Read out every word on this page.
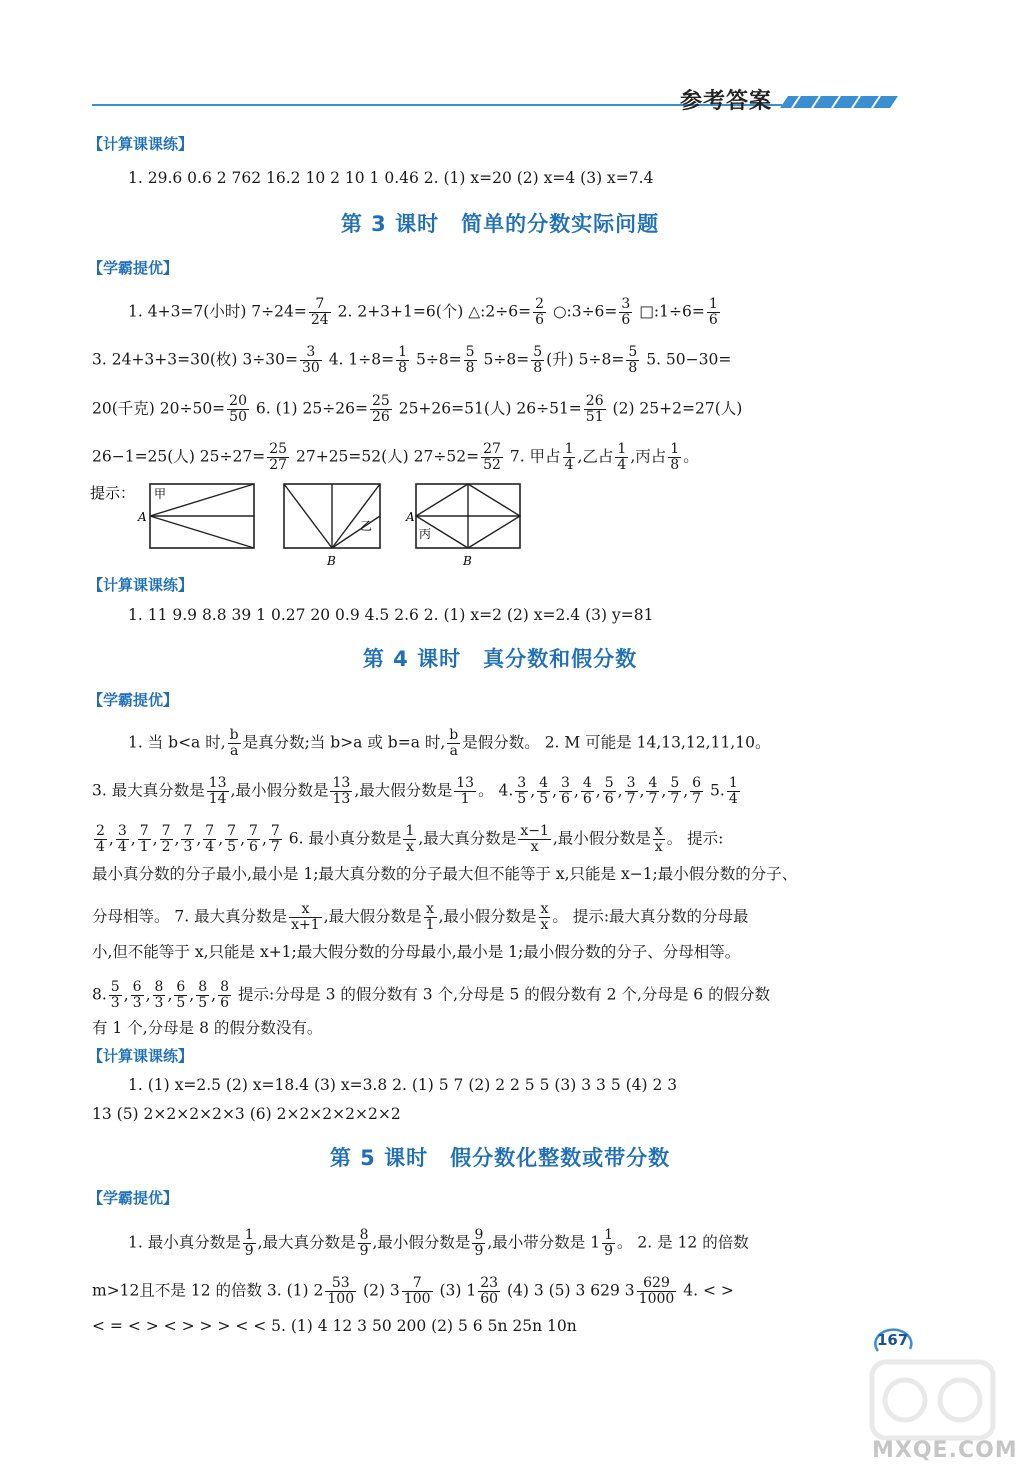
参考答案
【计算课课练】
1. 29.6 0.6 2 762 16.2 10 2 10 1 0.46 2. (1) x=20 (2) x=4 (3) x=7.4
第 3 课时　简单的分数实际问题
【学霸提优】
1. 4+3=7(小时) $7\div 24= \frac{7}{24} 2$. 2+3+1=6(个) △:2÷6= $\frac{2}{6}$ ○:3÷6= $\frac{3}{6}$ □:1÷6= $\frac{1}{6}$
3. 24+3+3=30(枚) $3\div 30= \frac{3}{30} 4$. $1\div 8= \frac{1}{8} 5\div 8= \frac{5}{8} 5\div 8= \frac{5}{8}$ (升) $5\div 8= \frac{5}{8} 5$. 50−30=
20(千克) $20\div 50= \frac{20}{50} 6$. (1) $25\div 26= \frac{25}{26} 25+26=51$(人) $26\div 51= \frac{26}{51} (2)$ 25+2=27(人)
26−1=25(人) $25\div 27= \frac{25}{27} 27+25=52$(人) $27\div 52= \frac{27}{52} 7$. 甲占 $\frac{1}{4}$ ,乙占 $\frac{1}{4}$ ,丙占 $\frac{1}{8}$ 。
提示： 甲
A
乙
B
丙
A
B
【计算课课练】
1. 11 9.9 8.8 39 1 0.27 20 0.9 4.5 2.6 2. (1) x=2 (2) x=2.4 (3) y=81
第 4 课时　真分数和假分数
【学霸提优】
1. 当 b<a 时, $\frac{b}{a}$ 是真分数;当 b>a 或 b=a 时, $\frac{b}{a}$ 是假分数。 2. M 可能是 14,13,12,11,10。
3. 最大真分数是 $\frac{13}{14}$ ,最小假分数是 $\frac{13}{13}$ ,最大假分数是 $\frac{13}{1}$ 。 4. $\frac{3}{5}$ , $\frac{4}{5}$ , $\frac{3}{6}$ , $\frac{4}{6}$ , $\frac{5}{6}$ , $\frac{3}{7}$ , $\frac{4}{7}$ , $\frac{5}{7}$ , $\frac{6}{7} 5$. $\frac{1}{4}$
$\frac{2}{4}$ , $\frac{3}{4}$ , $\frac{7}{1}$ , $\frac{7}{2}$ , $\frac{7}{3}$ , $\frac{7}{4}$ , $\frac{7}{5}$ , $\frac{7}{6}$ , $\frac{7}{7} 6$. 最小真分数是 $\frac{1}{x}$ ,最大真分数是 $\frac{x-1}{x}$ ,最小假分数是 $\frac{x}{x}$ 。 提示:
最小真分数的分子最小,最小是 1;最大真分数的分子最大但不能等于 x,只能是 x−1;最小假分数的分子、
分母相等。 7. 最大真分数是 $\frac{x}{x+1}$ ,最大假分数是 $\frac{x}{1}$ ,最小假分数是 $\frac{x}{x}$ 。 提示:最大真分数的分母最
小,但不能等于 x,只能是 x+1;最大假分数的分母最小,最小是 1;最小假分数的分子、分母相等。
8. $\frac{5}{3}$ , $\frac{6}{3}$ , $\frac{8}{3}$ , $\frac{6}{5}$ , $\frac{8}{5}$ , $\frac{8}{6}$ 提示:分母是 3 的假分数有 3 个,分母是 5 的假分数有 2 个,分母是 6 的假分数
有 1 个,分母是 8 的假分数没有。
【计算课课练】
1. (1) x=2.5 (2) x=18.4 (3) x=3.8 2. (1) 5 7 (2) 2 2 5 5 (3) 3 3 5 (4) 2 3
13 (5) 2×2×2×2×3 (6) 2×2×2×2×2×2
第 5 课时　假分数化整数或带分数
【学霸提优】
1. 最小真分数是 $\frac{1}{9}$ ,最大真分数是 $\frac{8}{9}$ ,最小假分数是 $\frac{9}{9}$ ,最小带分数是 $1 \frac{1}{9}$ 。 2. 是 12 的倍数
m>12且不是 12 的倍数 3. (1) $2 \frac{53}{100} (2)$ $3 \frac{7}{100} (3)$ $1 \frac{23}{60} (4)$ 3 (5) 3 629 $3 \frac{629}{1000} 4$. < >
< = < > < > > > < < 5. (1) 4 12 3 50 200 (2) 5 6 5n 25n 10n
167
MXQE.COM
